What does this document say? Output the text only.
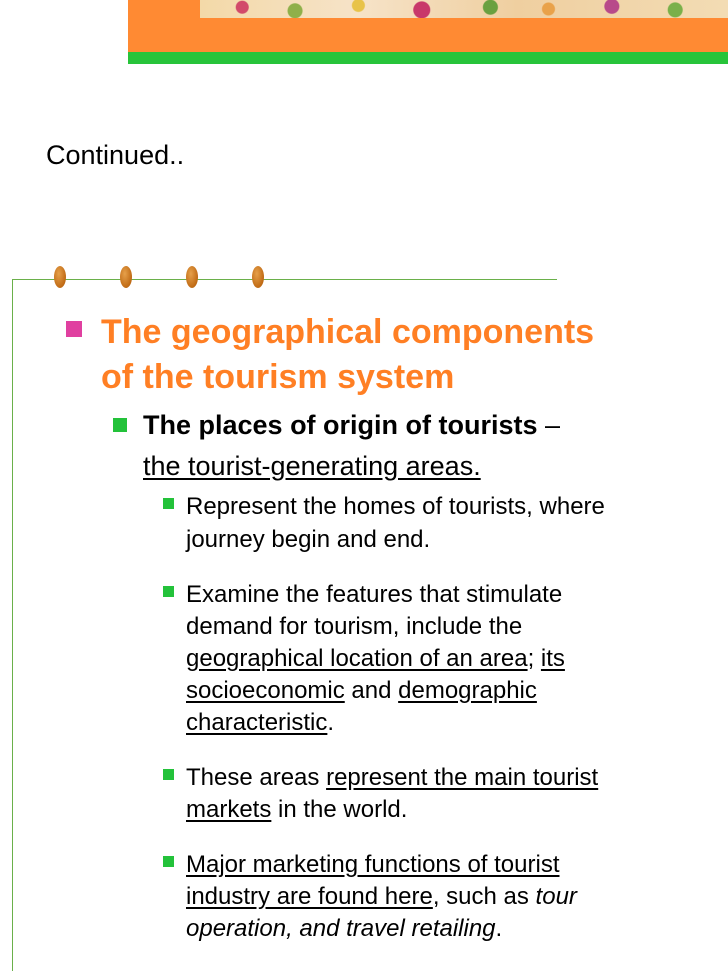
Continued..
The geographical components
of the tourism system
The places of origin of tourists –
the tourist-generating areas.
Represent the homes of tourists, where
journey begin and end.
Examine the features that stimulate
demand for tourism, include the
geographical location of an area; its
socioeconomic and demographic
characteristic.
These areas represent the main tourist
markets in the world.
Major marketing functions of tourist
industry are found here, such as tour
operation, and travel retailing.
